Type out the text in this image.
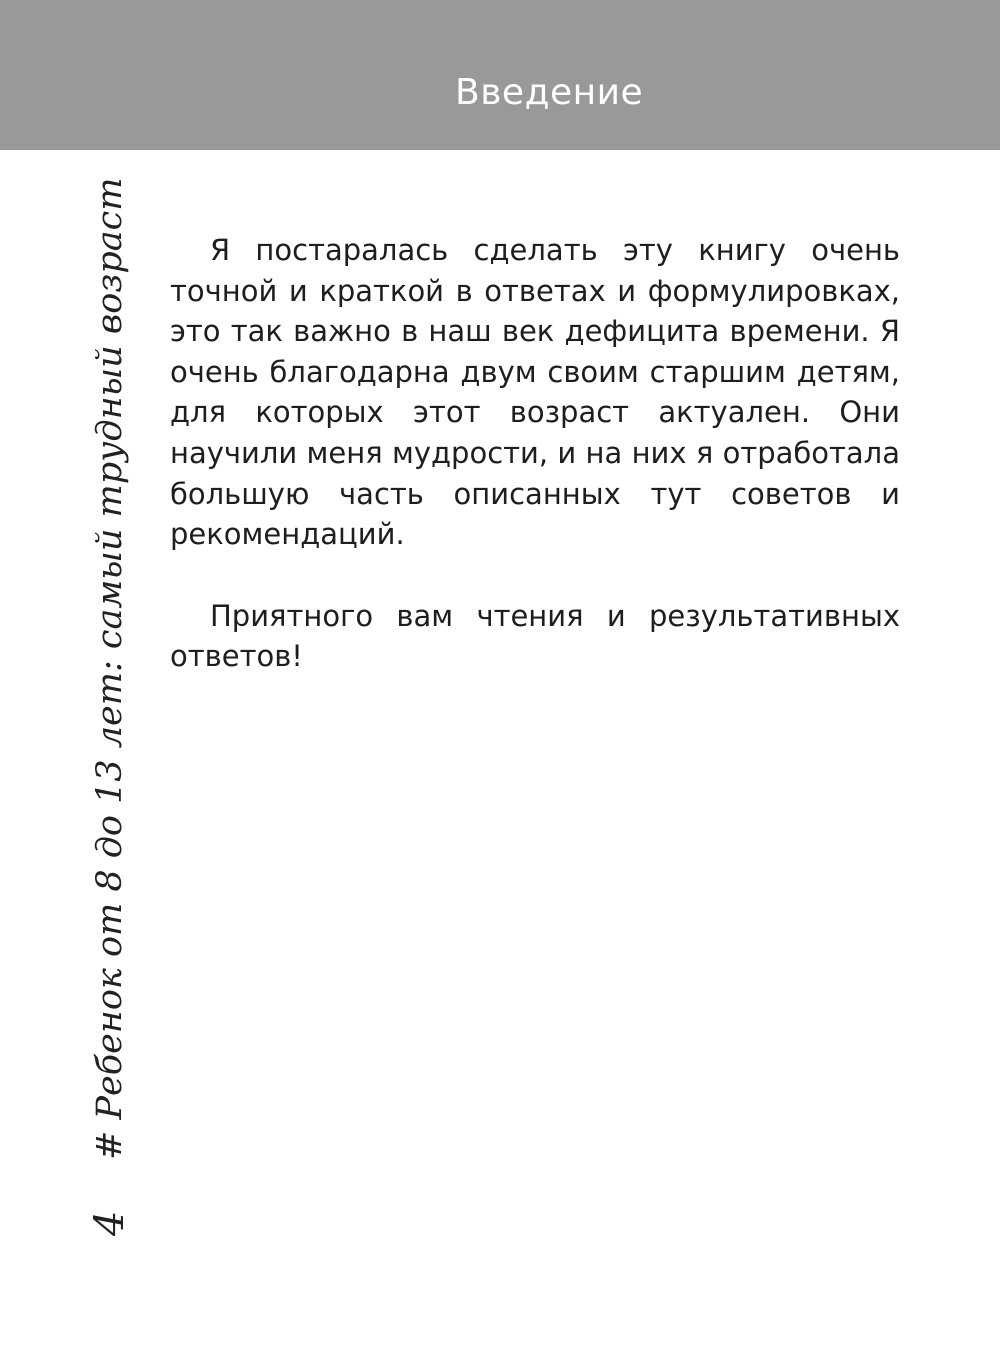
Введение

Я постаралась сделать эту книгу очень точной и краткой в ответах и формулировках, это так важно в наш век дефицита времени. Я очень благодарна двум своим старшим детям, для которых этот возраст актуален. Они научили меня мудрости, и на них я отработала большую часть описанных тут советов и рекомендаций.

Приятного вам чтения и результативных ответов!

# Ребенок от 8 до 13 лет: самый трудный возраст
4
